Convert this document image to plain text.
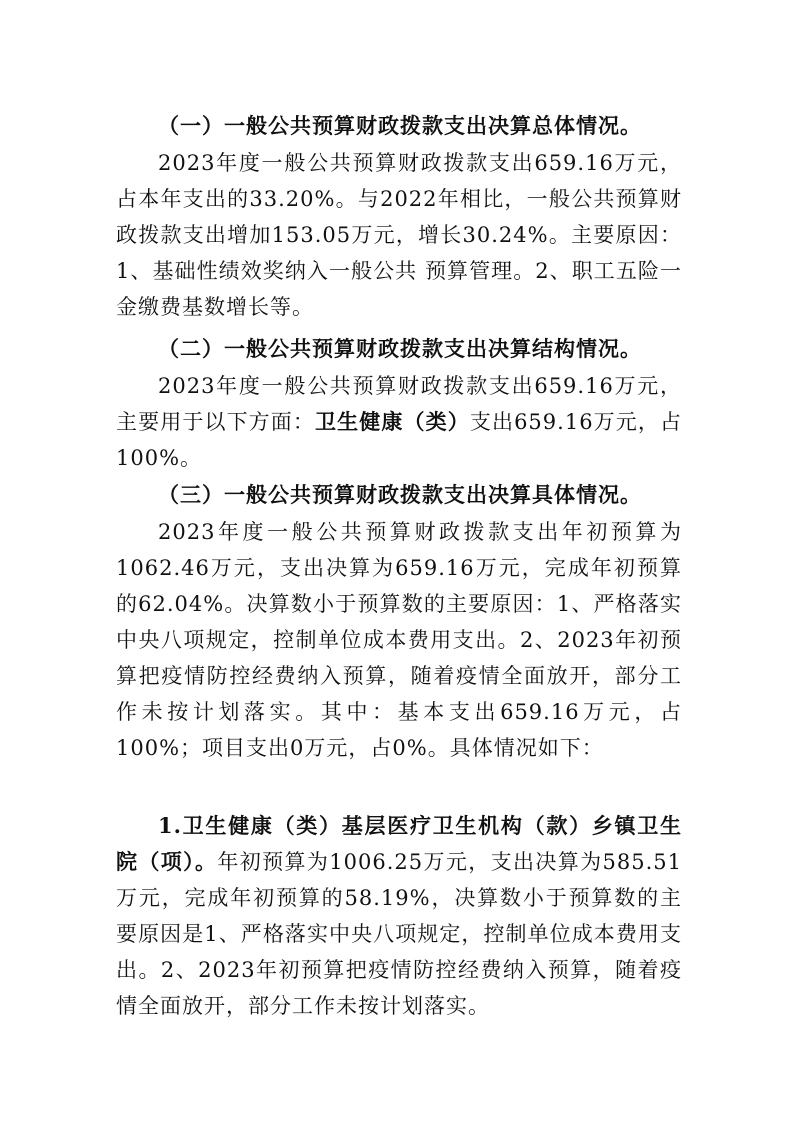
（一）一般公共预算财政拨款支出决算总体情况。

2023年度一般公共预算财政拨款支出659.16万元，占本年支出的33.20%。与2022年相比，一般公共预算财政拨款支出增加153.05万元，增长30.24%。主要原因：1、基础性绩效奖纳入一般公共 预算管理。2、职工五险一金缴费基数增长等。

（二）一般公共预算财政拨款支出决算结构情况。

2023年度一般公共预算财政拨款支出659.16万元，主要用于以下方面：卫生健康（类）支出659.16万元，占100%。

（三）一般公共预算财政拨款支出决算具体情况。

2023年度一般公共预算财政拨款支出年初预算为1062.46万元，支出决算为659.16万元，完成年初预算的62.04%。决算数小于预算数的主要原因：1、严格落实中央八项规定，控制单位成本费用支出。2、2023年初预算把疫情防控经费纳入预算，随着疫情全面放开，部分工作未按计划落实。其中：基本支出659.16万元，占100%；项目支出0万元，占0%。具体情况如下：

1.卫生健康（类）基层医疗卫生机构（款）乡镇卫生院（项）。年初预算为1006.25万元，支出决算为585.51万元，完成年初预算的58.19%，决算数小于预算数的主要原因是1、严格落实中央八项规定，控制单位成本费用支出。2、2023年初预算把疫情防控经费纳入预算，随着疫情全面放开，部分工作未按计划落实。
